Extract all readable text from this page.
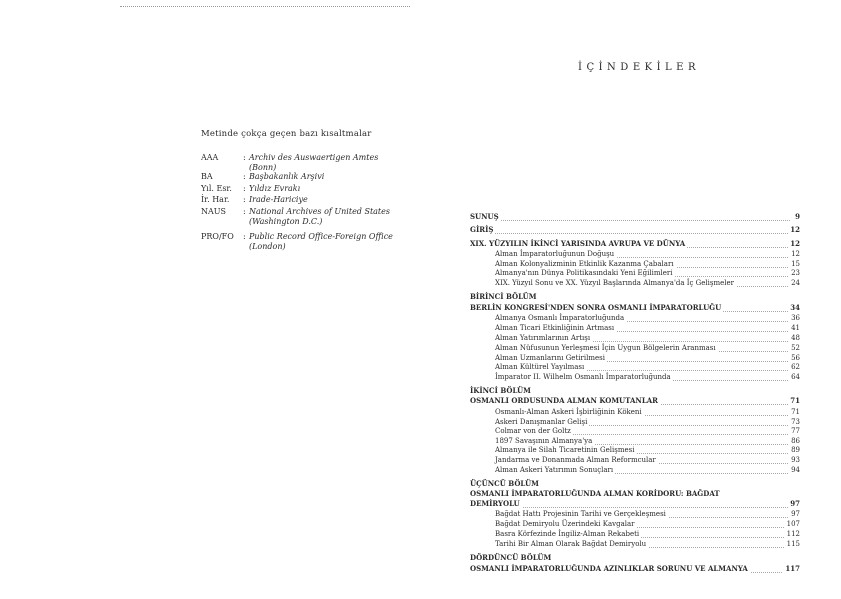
Metinde çokça geçen bazı kısaltmalar
AAA	: Archiv des Auswaertigen Amtes (Bonn)
BA	: Başbakanlık Arşivi
Yıl. Esr.	: Yıldız Evrakı
İr. Har.	: Irade-Hariciye
NAUS	: National Archives of United States (Washington D.C.)
PRO/FO	: Public Record Office-Foreign Office (London)
İÇİNDEKİLER
SUNUŞ	9
GİRİŞ	12
XIX. YÜZYILIN İKİNCİ YARISINDA AVRUPA VE DÜNYA	12
Alman İmparatorluğunun Doğuşu	12
Alman Kolonyalizminin Etkinlik Kazanma Çabaları	15
Almanya'nın Dünya Politikasındaki Yeni Eğilimleri	23
XIX. Yüzyıl Sonu ve XX. Yüzyıl Başlarında Almanya'da İç Gelişmeler	24
BİRİNCİ BÖLÜM
BERLİN KONGRESİ'NDEN SONRA OSMANLI İMPARATORLUĞU	34
Almanya Osmanlı İmparatorluğunda	36
Alman Ticari Etkinliğinin Artması	41
Alman Yatırımlarının Artışı	48
Alman Nüfusunun Yerleşmesi İçin Uygun Bölgelerin Aranması	52
Alman Uzmanlarını Getirilmesi	56
Alman Kültürel Yayılması	62
İmparator II. Wilhelm Osmanlı İmparatorluğunda	64
İKİNCİ BÖLÜM
OSMANLI ORDUSUNDA ALMAN KOMUTANLAR	71
Osmanlı-Alman Askeri İşbirliğinin Kökeni	71
Askeri Danışmanlar Gelişi	73
Colmar von der Goltz	77
1897 Savaşının Almanya'ya	86
Almanya ile Silah Ticaretinin Gelişmesi	89
Jandarma ve Donanmada Alman Reformcular	93
Alman Askeri Yatırımın Sonuçları	94
ÜÇÜNCÜ BÖLÜM
OSMANLI İMPARATORLUĞUNDA ALMAN KORİDORU: BAĞDAT
DEMİRYOLU	97
Bağdat Hattı Projesinin Tarihi ve Gerçekleşmesi	97
Bağdat Demiryolu Üzerindeki Kavgalar	107
Basra Körfezinde İngiliz-Alman Rekabeti	112
Tarihi Bir Alman Olarak Bağdat Demiryolu	115
DÖRDÜNCÜ BÖLÜM
OSMANLI İMPARATORLUĞUNDA AZINLIKLAR SORUNU VE ALMANYA	117
